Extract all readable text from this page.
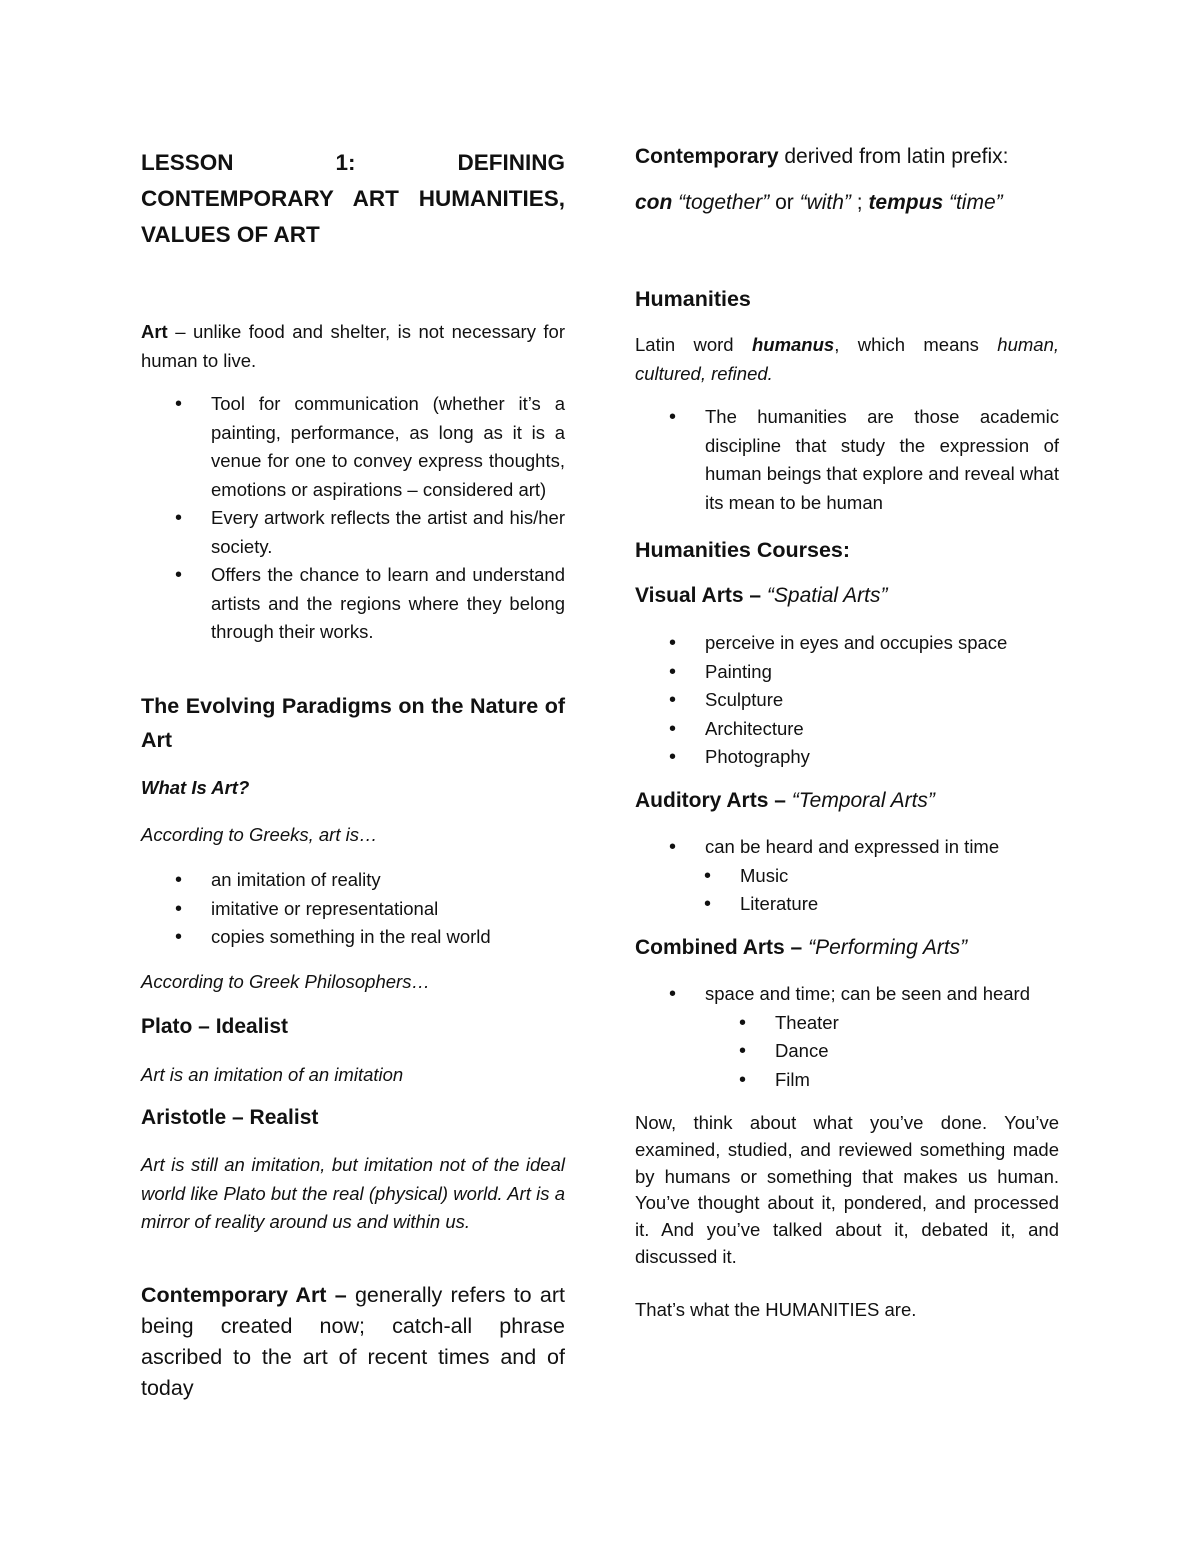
LESSON	1:	DEFINING
CONTEMPORARY ART HUMANITIES, VALUES OF ART

Art – unlike food and shelter, is not necessary for human to live.

• Tool for communication (whether it’s a painting, performance, as long as it is a venue for one to convey express thoughts, emotions or aspirations – considered art)
• Every artwork reflects the artist and his/her society.
• Offers the chance to learn and understand artists and the regions where they belong through their works.

The Evolving Paradigms on the Nature of Art

What Is Art?

According to Greeks, art is…

• an imitation of reality
• imitative or representational
• copies something in the real world

According to Greek Philosophers…

Plato – Idealist

Art is an imitation of an imitation

Aristotle – Realist

Art is still an imitation, but imitation not of the ideal world like Plato but the real (physical) world. Art is a mirror of reality around us and within us.

Contemporary Art – generally refers to art being created now; catch-all phrase ascribed to the art of recent times and of today

Contemporary derived from latin prefix:

con “together” or “with” ; tempus “time”

Humanities

Latin word humanus, which means human, cultured, refined.

• The humanities are those academic discipline that study the expression of human beings that explore and reveal what its mean to be human

Humanities Courses:

Visual Arts – “Spatial Arts”

• perceive in eyes and occupies space
• Painting
• Sculpture
• Architecture
• Photography

Auditory Arts – “Temporal Arts”

• can be heard and expressed in time
• Music
• Literature

Combined Arts – “Performing Arts”

• space and time; can be seen and heard
• Theater
• Dance
• Film

Now, think about what you’ve done. You’ve examined, studied, and reviewed something made by humans or something that makes us human. You’ve thought about it, pondered, and processed it. And you’ve talked about it, debated it, and discussed it.

That’s what the HUMANITIES are.
